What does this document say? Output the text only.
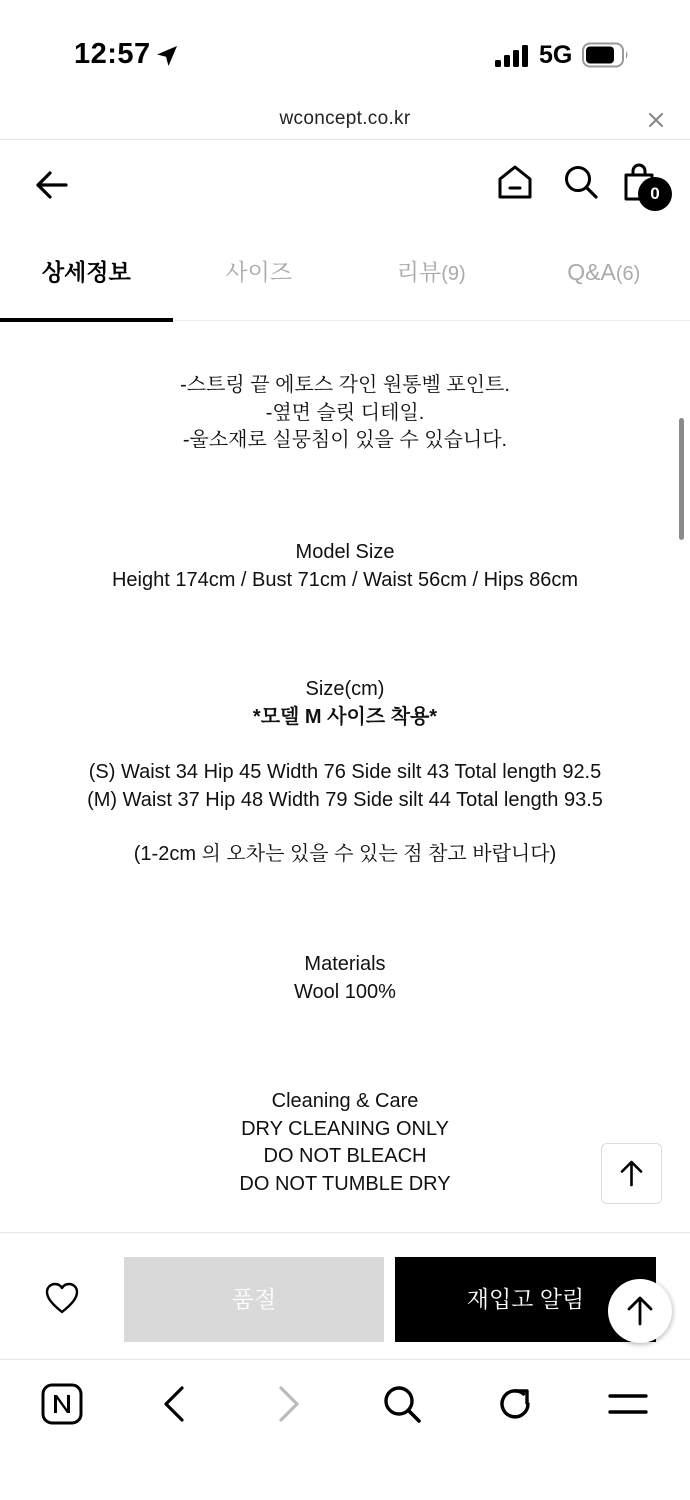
12:57	5G
wconcept.co.kr
0
상세정보	사이즈	리뷰(9)	Q&A(6)
-스트링 끝 에토스 각인 원통벨 포인트.
-옆면 슬릿 디테일.
-울소재로 실뭉침이 있을 수 있습니다.
Model Size
Height 174cm / Bust 71cm / Waist 56cm / Hips 86cm
Size(cm)
*모델 M 사이즈 착용*
(S) Waist 34 Hip 45 Width 76 Side silt 43 Total length 92.5
(M) Waist 37 Hip 48 Width 79 Side silt 44 Total length 93.5
(1-2cm 의 오차는 있을 수 있는 점 참고 바랍니다)
Materials
Wool 100%
Cleaning & Care
DRY CLEANING ONLY
DO NOT BLEACH
DO NOT TUMBLE DRY
품절	재입고 알림
